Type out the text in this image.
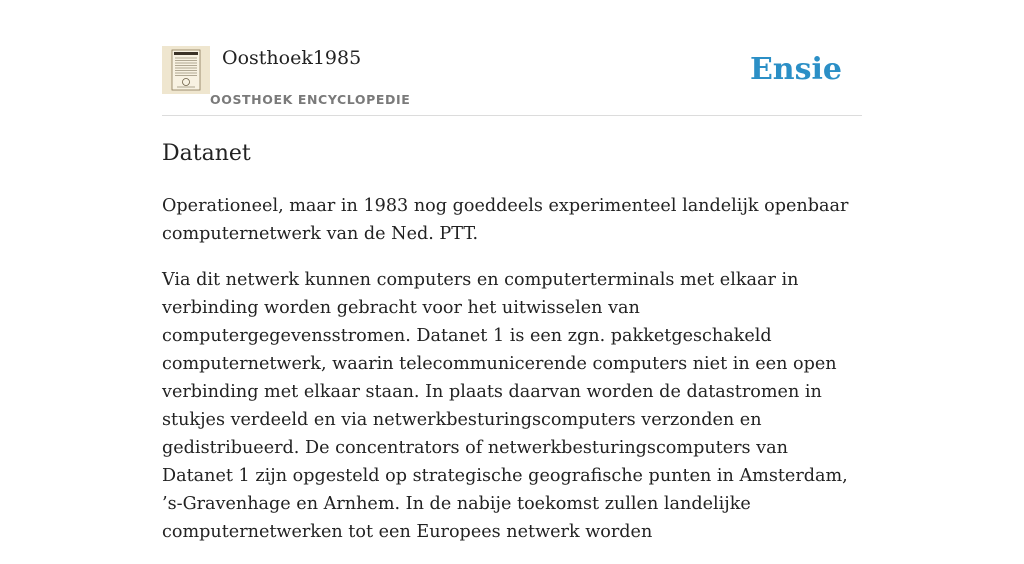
Oosthoek1985
OOSTHOEK ENCYCLOPEDIE
Ensie
Datanet

Operationeel, maar in 1983 nog goeddeels experimenteel landelijk openbaar computernetwerk van de Ned. PTT.

Via dit netwerk kunnen computers en computerterminals met elkaar in verbinding worden gebracht voor het uitwisselen van computergegevensstromen. Datanet 1 is een zgn. pakketgeschakeld computernetwerk, waarin telecommunicerende computers niet in een open verbinding met elkaar staan. In plaats daarvan worden de datastromen in stukjes verdeeld en via netwerkbesturingscomputers verzonden en gedistribueerd. De concentrators of netwerkbesturingscomputers van Datanet 1 zijn opgesteld op strategische geografische punten in Amsterdam, ’s-Gravenhage en Arnhem. In de nabije toekomst zullen landelijke computernetwerken tot een Europees netwerk worden
